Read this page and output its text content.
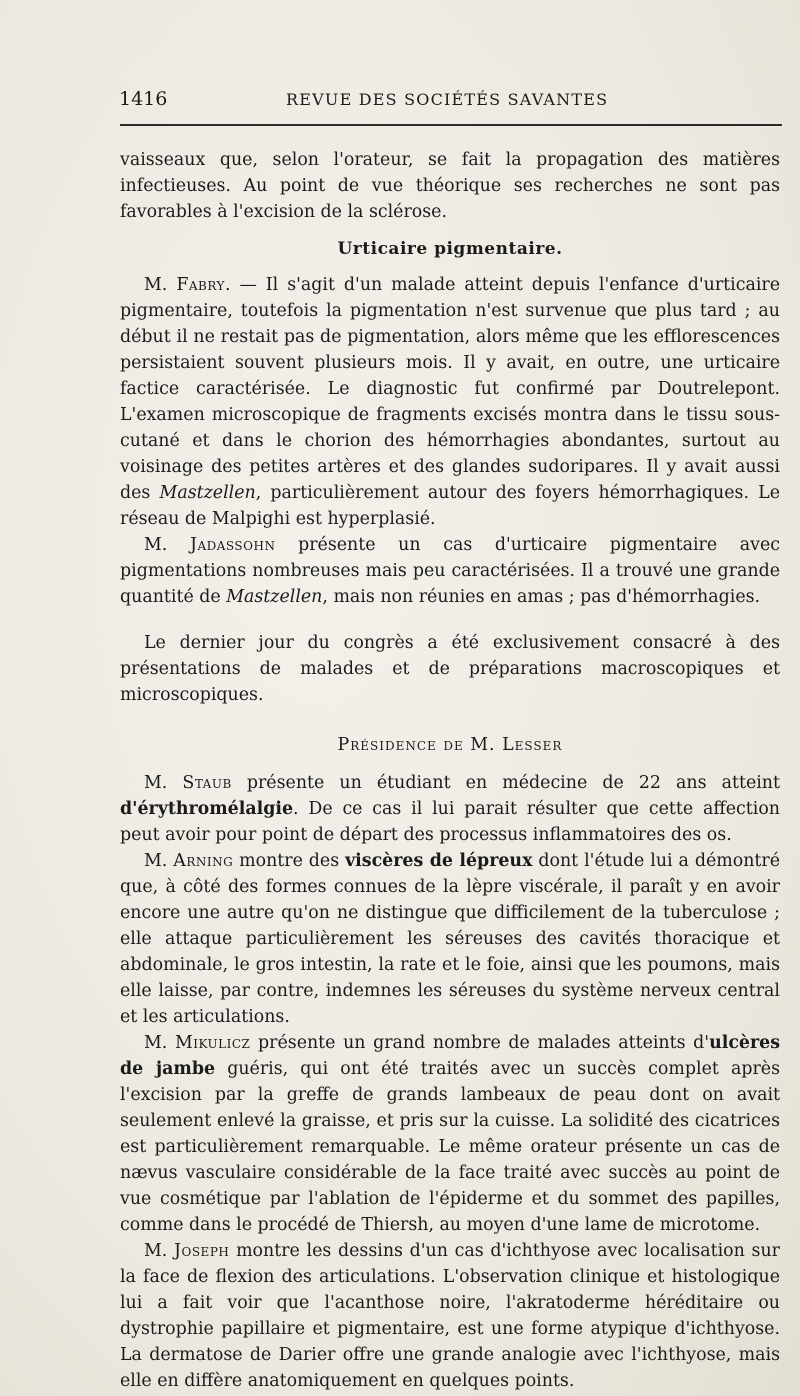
1416	REVUE DES SOCIÉTÉS SAVANTES

vaisseaux que, selon l'orateur, se fait la propagation des matières infectieuses. Au point de vue théorique ses recherches ne sont pas favorables à l'excision de la sclérose.

Urticaire pigmentaire.

M. Fabry. — Il s'agit d'un malade atteint depuis l'enfance d'urticaire pigmentaire, toutefois la pigmentation n'est survenue que plus tard ; au début il ne restait pas de pigmentation, alors même que les efflorescences persistaient souvent plusieurs mois. Il y avait, en outre, une urticaire factice caractérisée. Le diagnostic fut confirmé par Doutrelepont. L'examen microscopique de fragments excisés montra dans le tissu sous-cutané et dans le chorion des hémorrhagies abondantes, surtout au voisinage des petites artères et des glandes sudoripares. Il y avait aussi des Mastzellen, particulièrement autour des foyers hémorrhagiques. Le réseau de Malpighi est hyperplasié.

M. Jadassohn présente un cas d'urticaire pigmentaire avec pigmentations nombreuses mais peu caractérisées. Il a trouvé une grande quantité de Mastzellen, mais non réunies en amas ; pas d'hémorrhagies.

Le dernier jour du congrès a été exclusivement consacré à des présentations de malades et de préparations macroscopiques et microscopiques.

Présidence de M. Lesser

M. Staub présente un étudiant en médecine de 22 ans atteint d'érythromélalgie. De ce cas il lui parait résulter que cette affection peut avoir pour point de départ des processus inflammatoires des os.

M. Arning montre des viscères de lépreux dont l'étude lui a démontré que, à côté des formes connues de la lèpre viscérale, il paraît y en avoir encore une autre qu'on ne distingue que difficilement de la tuberculose ; elle attaque particulièrement les séreuses des cavités thoracique et abdominale, le gros intestin, la rate et le foie, ainsi que les poumons, mais elle laisse, par contre, indemnes les séreuses du système nerveux central et les articulations.

M. Mikulicz présente un grand nombre de malades atteints d'ulcères de jambe guéris, qui ont été traités avec un succès complet après l'excision par la greffe de grands lambeaux de peau dont on avait seulement enlevé la graisse, et pris sur la cuisse. La solidité des cicatrices est particulièrement remarquable. Le même orateur présente un cas de nævus vasculaire considérable de la face traité avec succès au point de vue cosmétique par l'ablation de l'épiderme et du sommet des papilles, comme dans le procédé de Thiersh, au moyen d'une lame de microtome.

M. Joseph montre les dessins d'un cas d'ichthyose avec localisation sur la face de flexion des articulations. L'observation clinique et histologique lui a fait voir que l'acanthose noire, l'akratoderme héréditaire ou dystrophie papillaire et pigmentaire, est une forme atypique d'ichthyose. La dermatose de Darier offre une grande analogie avec l'ichthyose, mais elle en diffère anatomiquement en quelques points.
